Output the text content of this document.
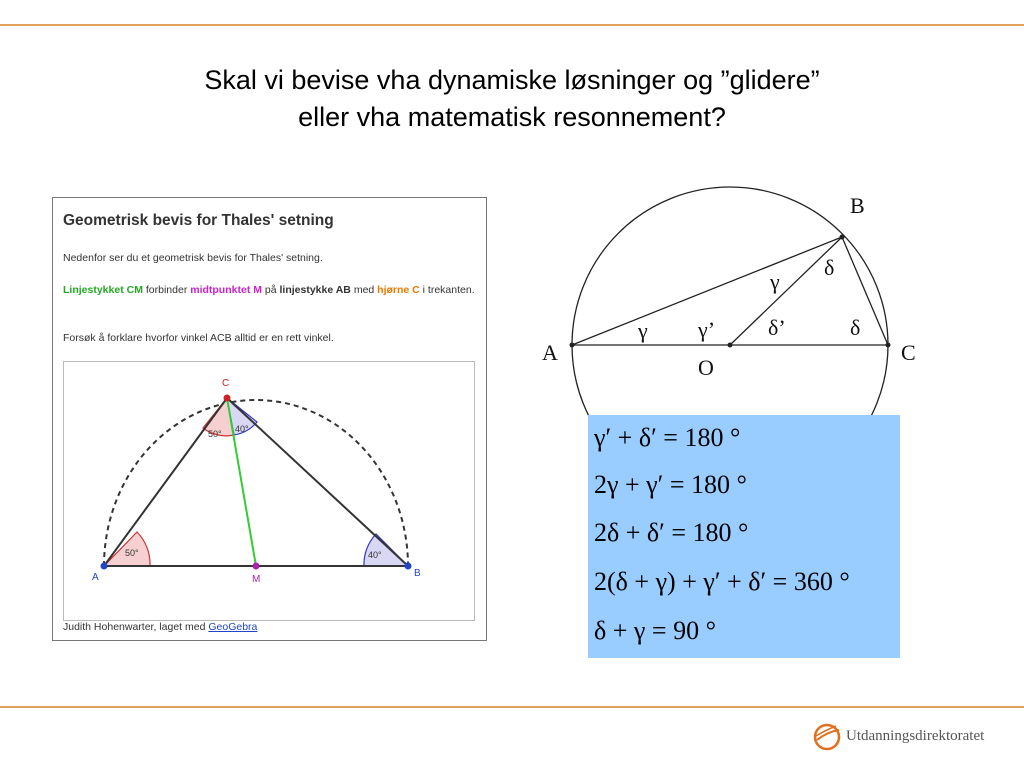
Skal vi bevise vha dynamiske løsninger og ”glidere”
eller vha matematisk resonnement?
Geometrisk bevis for Thales' setning
Nedenfor ser du et geometrisk bevis for Thales' setning.
Linjestykket CM forbinder midtpunktet M på linjestykke AB med hjørne C i trekanten.
Forsøk å forklare hvorfor vinkel ACB alltid er en rett vinkel.
A	B
C
M
50°	40°
50° 40°
Judith Hohenwarter, laget med GeoGebra
A
B
C
O
γ
γ
γ’
δ
δ’	δ
γ′ + δ′ = 180 °
2γ + γ′ = 180 °
2δ + δ′ = 180 °
2(δ + γ) + γ′ + δ′ = 360 °
δ + γ = 90 °
Utdanningsdirektoratet
